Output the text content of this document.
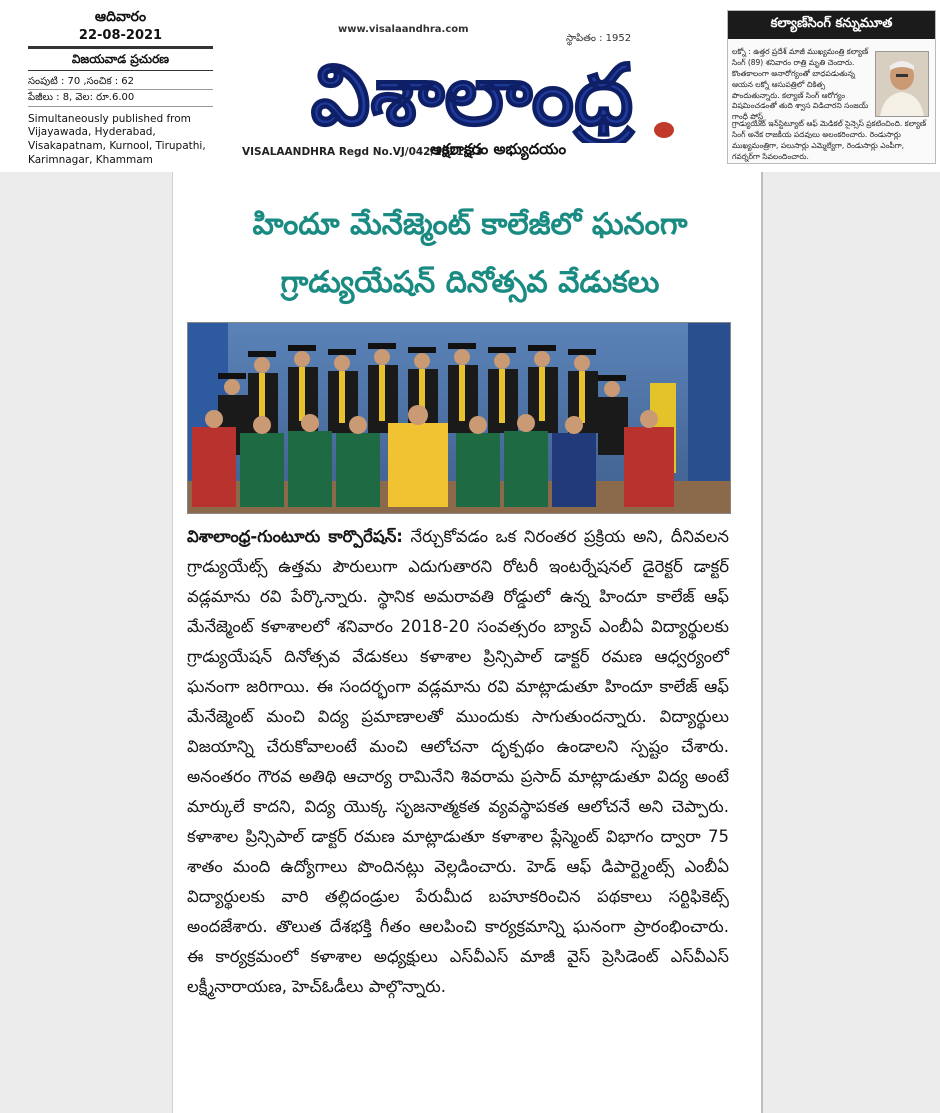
ఆదివారం
22-08-2021
విజయవాడ ప్రచురణ
సంపుటి : 70 ,సంచిక : 62
పేజీలు : 8, వెల: రూ.6.00
Simultaneously published from Vijayawada, Hyderabad, Visakapatnam, Kurnool, Tirupathi, Karimnagar, Khammam
www.visalaandhra.com
స్థాపితం : 1952
విశాలాంధ్ర
VISALAANDHRA Regd No.VJ/042/2021-23
అక్షరాక్షరం అభ్యుదయం
కల్యాణ్‌సింగ్ కన్నుమూత
లక్నో : ఉత్తర ప్రదేశ్ మాజీ ముఖ్యమంత్రి కల్యాణ్ సింగ్ (89) శనివారం రాత్రి మృతి చెందారు. కొంతకాలంగా అనారోగ్యంతో బాధపడుతున్న ఆయన లక్నో ఆసుపత్రిలో చికిత్స పొందుతున్నారు. కల్యాణ్ సింగ్ ఆరోగ్యం విషమించడంతో తుది శ్వాస విడిచారని సంజయ్ గాంధీ పోస్ట్
గ్రాడ్యుయేట్ ఇన్‌స్టిట్యూట్ ఆఫ్ మెడికల్ సైన్సెస్ ప్రకటించింది. కల్యాణ్ సింగ్ అనేక రాజకీయ పదవులు అలంకరించారు. రెండుసార్లు ముఖ్యమంత్రిగా, పలుసార్లు ఎమ్మెల్యేగా, రెండుసార్లు ఎంపీగా, గవర్నర్‌గా సేవలందించారు.
హిందూ మేనేజ్మెంట్ కాలేజీలో ఘనంగా
గ్రాడ్యుయేషన్ దినోత్సవ వేడుకలు
విశాలాంధ్ర-గుంటూరు కార్పొరేషన్: నేర్చుకోవడం ఒక నిరంతర ప్రక్రియ అని, దీనివలన గ్రాడ్యుయేట్స్ ఉత్తమ పౌరులుగా ఎదుగుతారని రోటరీ ఇంటర్నేషనల్ డైరెక్టర్ డాక్టర్ వడ్లమాను రవి పేర్కొన్నారు. స్థానిక అమరావతి రోడ్డులో ఉన్న హిందూ కాలేజ్ ఆఫ్ మేనేజ్మెంట్ కళాశాలలో శనివారం 2018-20 సంవత్సరం బ్యాచ్ ఎంబీఏ విద్యార్థులకు గ్రాడ్యుయేషన్ దినోత్సవ వేడుకలు కళాశాల ప్రిన్సిపాల్ డాక్టర్ రమణ ఆధ్వర్యంలో ఘనంగా జరిగాయి. ఈ సందర్భంగా వడ్లమాను రవి మాట్లాడుతూ హిందూ కాలేజ్ ఆఫ్ మేనేజ్మెంట్ మంచి విద్య ప్రమాణాలతో ముందుకు సాగుతుందన్నారు. విద్యార్థులు విజయాన్ని చేరుకోవాలంటే మంచి ఆలోచనా దృక్పథం ఉండాలని స్పష్టం చేశారు. అనంతరం గౌరవ అతిథి ఆచార్య రామినేని శివరామ ప్రసాద్ మాట్లాడుతూ విద్య అంటే మార్కులే కాదని, విద్య యొక్క సృజనాత్మకత వ్యవస్థాపకత ఆలోచనే అని చెప్పారు. కళాశాల ప్రిన్సిపాల్ డాక్టర్ రమణ మాట్లాడుతూ కళాశాల ప్లేస్మెంట్ విభాగం ద్వారా 75 శాతం మంది ఉద్యోగాలు పొందినట్లు వెల్లడించారు. హెడ్ ఆఫ్ డిపార్ట్మెంట్స్ ఎంబీఏ విద్యార్థులకు వారి తల్లిదండ్రుల పేరుమీద బహూకరించిన పథకాలు సర్టిఫికెట్స్ అందజేశారు. తొలుత దేశభక్తి గీతం ఆలపించి కార్యక్రమాన్ని ఘనంగా ప్రారంభించారు. ఈ కార్యక్రమంలో కళాశాల అధ్యక్షులు ఎస్‌వీఎస్ మాజీ వైస్ ప్రెసిడెంట్ ఎస్‌వీఎస్ లక్ష్మీనారాయణ, హెచ్‌ఓడీలు పాల్గొన్నారు.
